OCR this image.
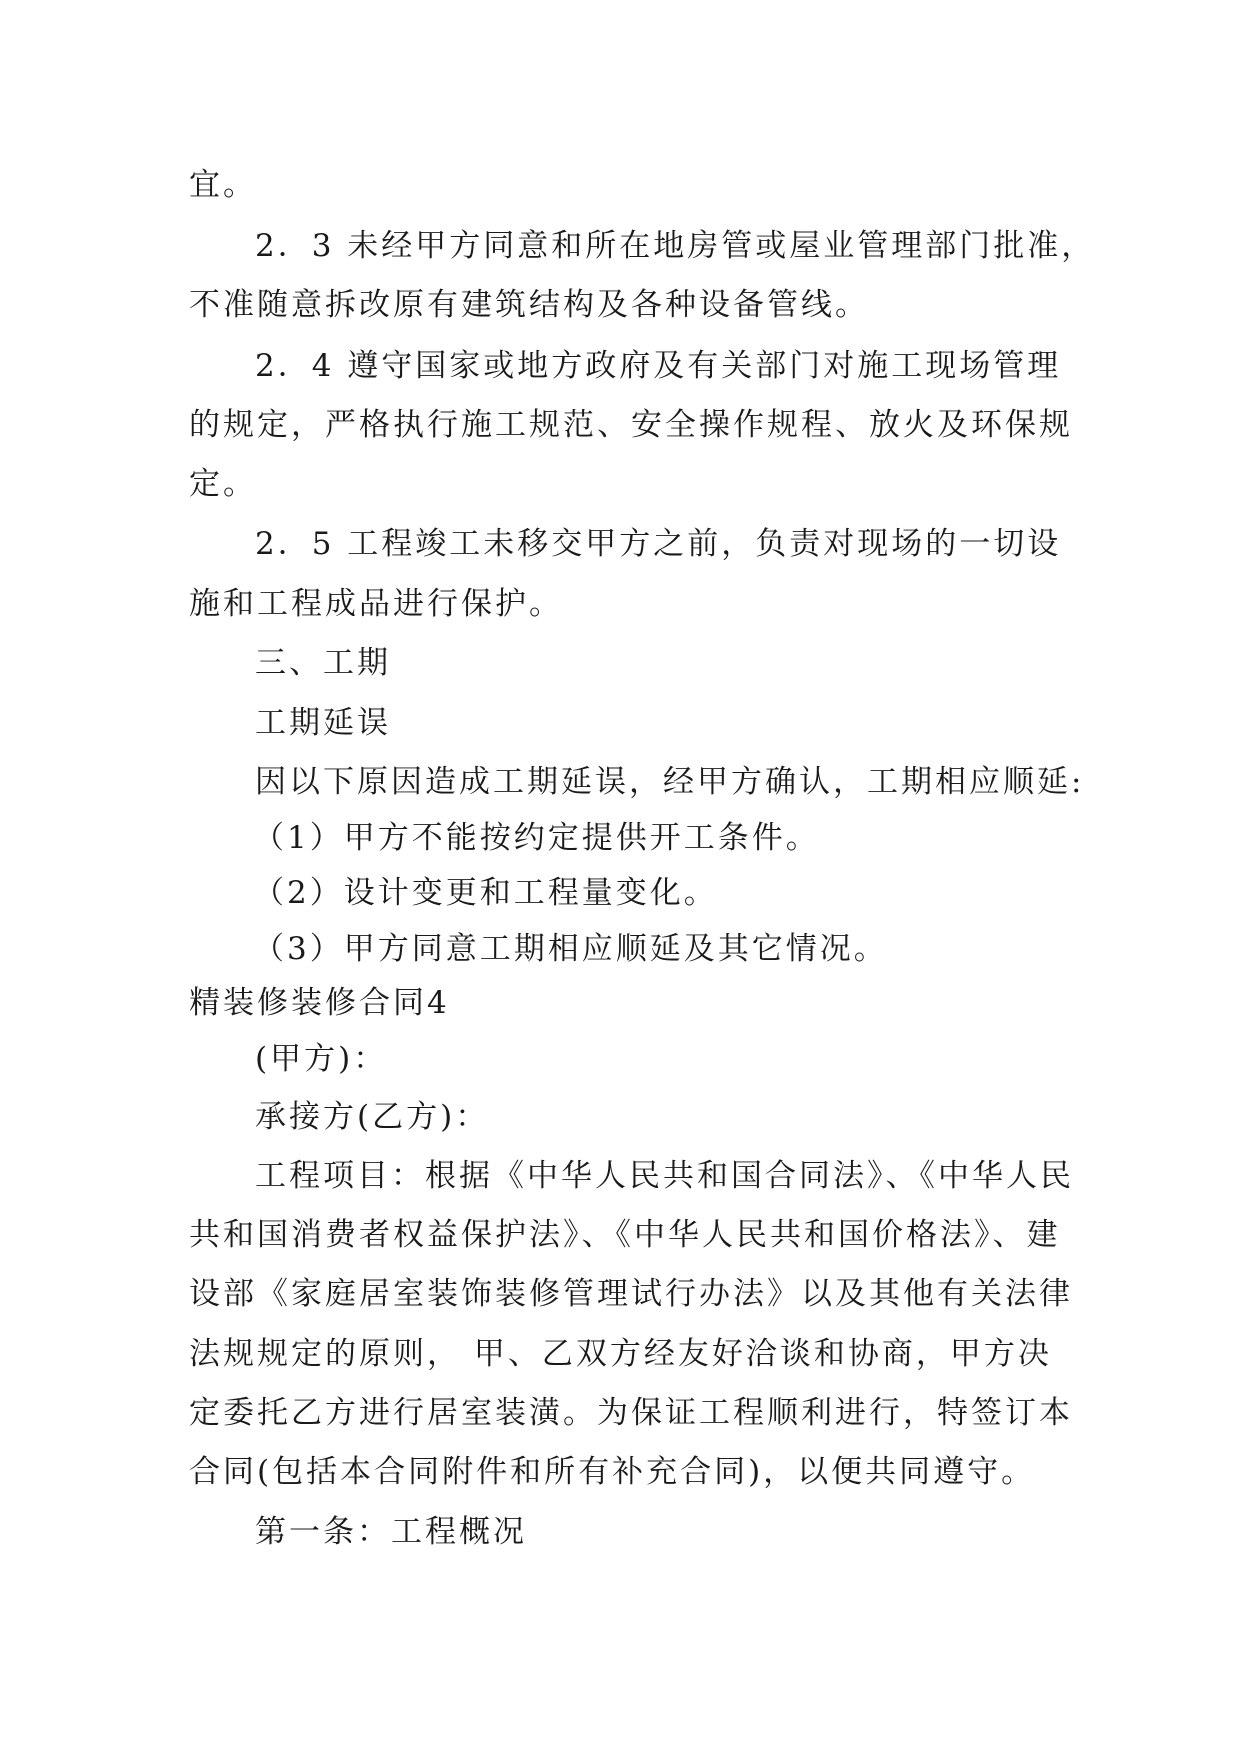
宜。
2．3 未经甲方同意和所在地房管或屋业管理部门批准，
不准随意拆改原有建筑结构及各种设备管线。
2．4 遵守国家或地方政府及有关部门对施工现场管理
的规定，严格执行施工规范、安全操作规程、放火及环保规
定。
2．5 工程竣工未移交甲方之前，负责对现场的一切设
施和工程成品进行保护。
三、工期
工期延误
因以下原因造成工期延误，经甲方确认，工期相应顺延:
（1）甲方不能按约定提供开工条件。
（2）设计变更和工程量变化。
（3）甲方同意工期相应顺延及其它情况。
精装修装修合同4
(甲方)：
承接方(乙方)：
工程项目：根据《中华人民共和国合同法》、《中华人民
共和国消费者权益保护法》、《中华人民共和国价格法》、建
设部《家庭居室装饰装修管理试行办法》以及其他有关法律
法规规定的原则， 甲、乙双方经友好洽谈和协商，甲方决
定委托乙方进行居室装潢。为保证工程顺利进行，特签订本
合同(包括本合同附件和所有补充合同)，以便共同遵守。
第一条：工程概况
